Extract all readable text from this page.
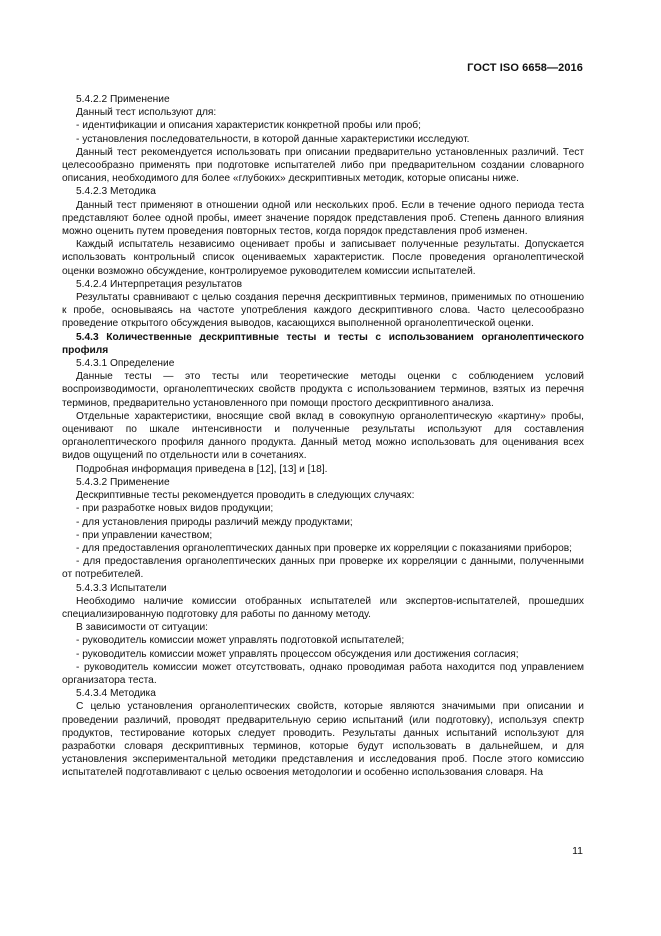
ГОСТ ISO 6658—2016

5.4.2.2 Применение

Данный тест используют для:

- идентификации и описания характеристик конкретной пробы или проб;

- установления последовательности, в которой данные характеристики исследуют.

Данный тест рекомендуется использовать при описании предварительно установленных различий. Тест целесообразно применять при подготовке испытателей либо при предварительном создании словарного описания, необходимого для более «глубоких» дескриптивных методик, которые описаны ниже.

5.4.2.3 Методика

Данный тест применяют в отношении одной или нескольких проб. Если в течение одного периода теста представляют более одной пробы, имеет значение порядок представления проб. Степень данного влияния можно оценить путем проведения повторных тестов, когда порядок представления проб изменен.

Каждый испытатель независимо оценивает пробы и записывает полученные результаты. Допускается использовать контрольный список оцениваемых характеристик. После проведения органолептической оценки возможно обсуждение, контролируемое руководителем комиссии испытателей.

5.4.2.4 Интерпретация результатов

Результаты сравнивают с целью создания перечня дескриптивных терминов, применимых по отношению к пробе, основываясь на частоте употребления каждого дескриптивного слова. Часто целесообразно проведение открытого обсуждения выводов, касающихся выполненной органолептической оценки.

5.4.3 Количественные дескриптивные тесты и тесты с использованием органолептического профиля

5.4.3.1 Определение

Данные тесты — это тесты или теоретические методы оценки с соблюдением условий воспроизводимости, органолептических свойств продукта с использованием терминов, взятых из перечня терминов, предварительно установленного при помощи простого дескриптивного анализа.

Отдельные характеристики, вносящие свой вклад в совокупную органолептическую «картину» пробы, оценивают по шкале интенсивности и полученные результаты используют для составления органолептического профиля данного продукта. Данный метод можно использовать для оценивания всех видов ощущений по отдельности или в сочетаниях.

Подробная информация приведена в [12], [13] и [18].

5.4.3.2 Применение

Дескриптивные тесты рекомендуется проводить в следующих случаях:

- при разработке новых видов продукции;

- для установления природы различий между продуктами;

- при управлении качеством;

- для предоставления органолептических данных при проверке их корреляции с показаниями приборов;

- для предоставления органолептических данных при проверке их корреляции с данными, полученными от потребителей.

5.4.3.3 Испытатели

Необходимо наличие комиссии отобранных испытателей или экспертов-испытателей, прошедших специализированную подготовку для работы по данному методу.

В зависимости от ситуации:

- руководитель комиссии может управлять подготовкой испытателей;

- руководитель комиссии может управлять процессом обсуждения или достижения согласия;

- руководитель комиссии может отсутствовать, однако проводимая работа находится под управлением организатора теста.

5.4.3.4 Методика

С целью установления органолептических свойств, которые являются значимыми при описании и проведении различий, проводят предварительную серию испытаний (или подготовку), используя спектр продуктов, тестирование которых следует проводить. Результаты данных испытаний используют для разработки словаря дескриптивных терминов, которые будут использовать в дальнейшем, и для установления экспериментальной методики представления и исследования проб. После этого комиссию испытателей подготавливают с целью освоения методологии и особенно использования словаря. На

11
